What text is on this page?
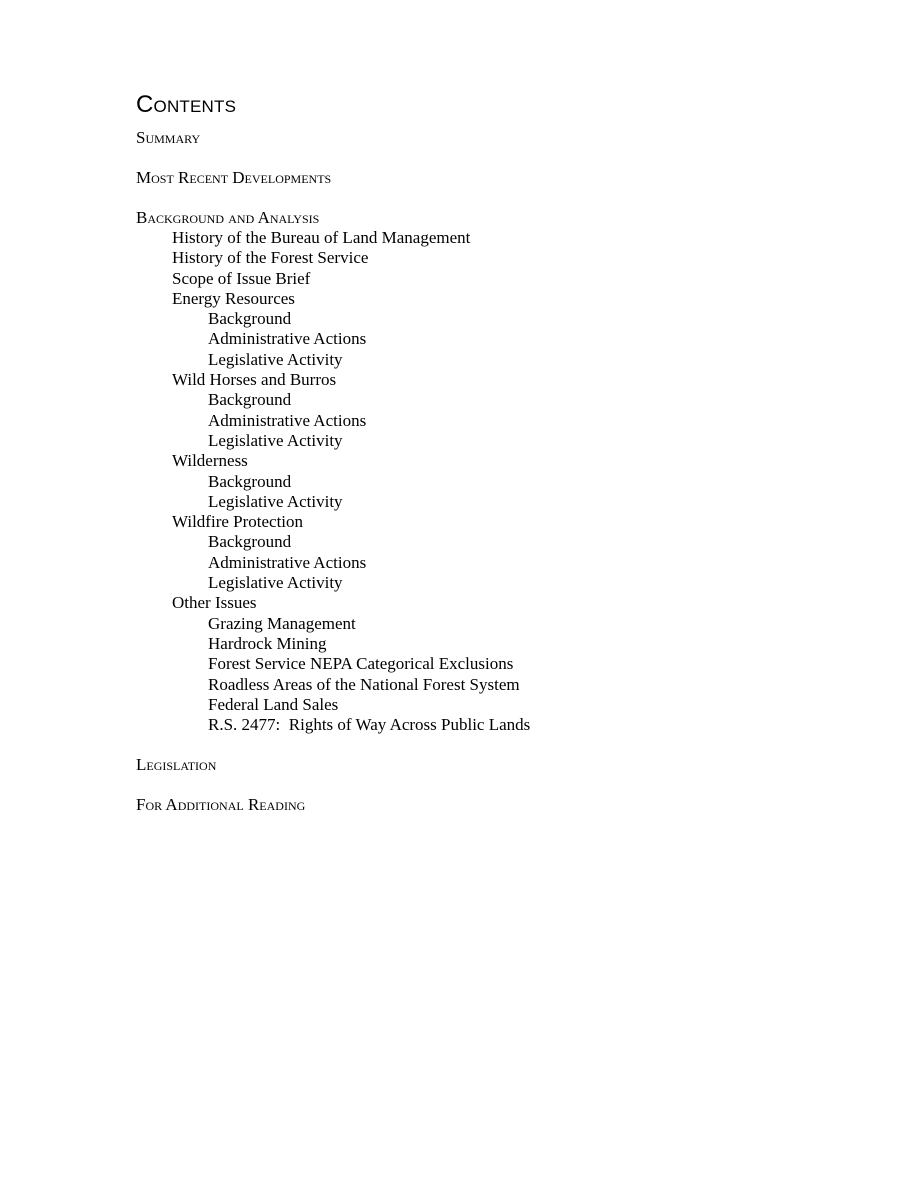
Contents

Summary

Most Recent Developments

Background and Analysis

History of the Bureau of Land Management
History of the Forest Service
Scope of Issue Brief
Energy Resources
Background
Administrative Actions
Legislative Activity
Wild Horses and Burros
Background
Administrative Actions
Legislative Activity
Wilderness
Background
Legislative Activity
Wildfire Protection
Background
Administrative Actions
Legislative Activity
Other Issues
Grazing Management
Hardrock Mining
Forest Service NEPA Categorical Exclusions
Roadless Areas of the National Forest System
Federal Land Sales
R.S. 2477:  Rights of Way Across Public Lands

Legislation

For Additional Reading
